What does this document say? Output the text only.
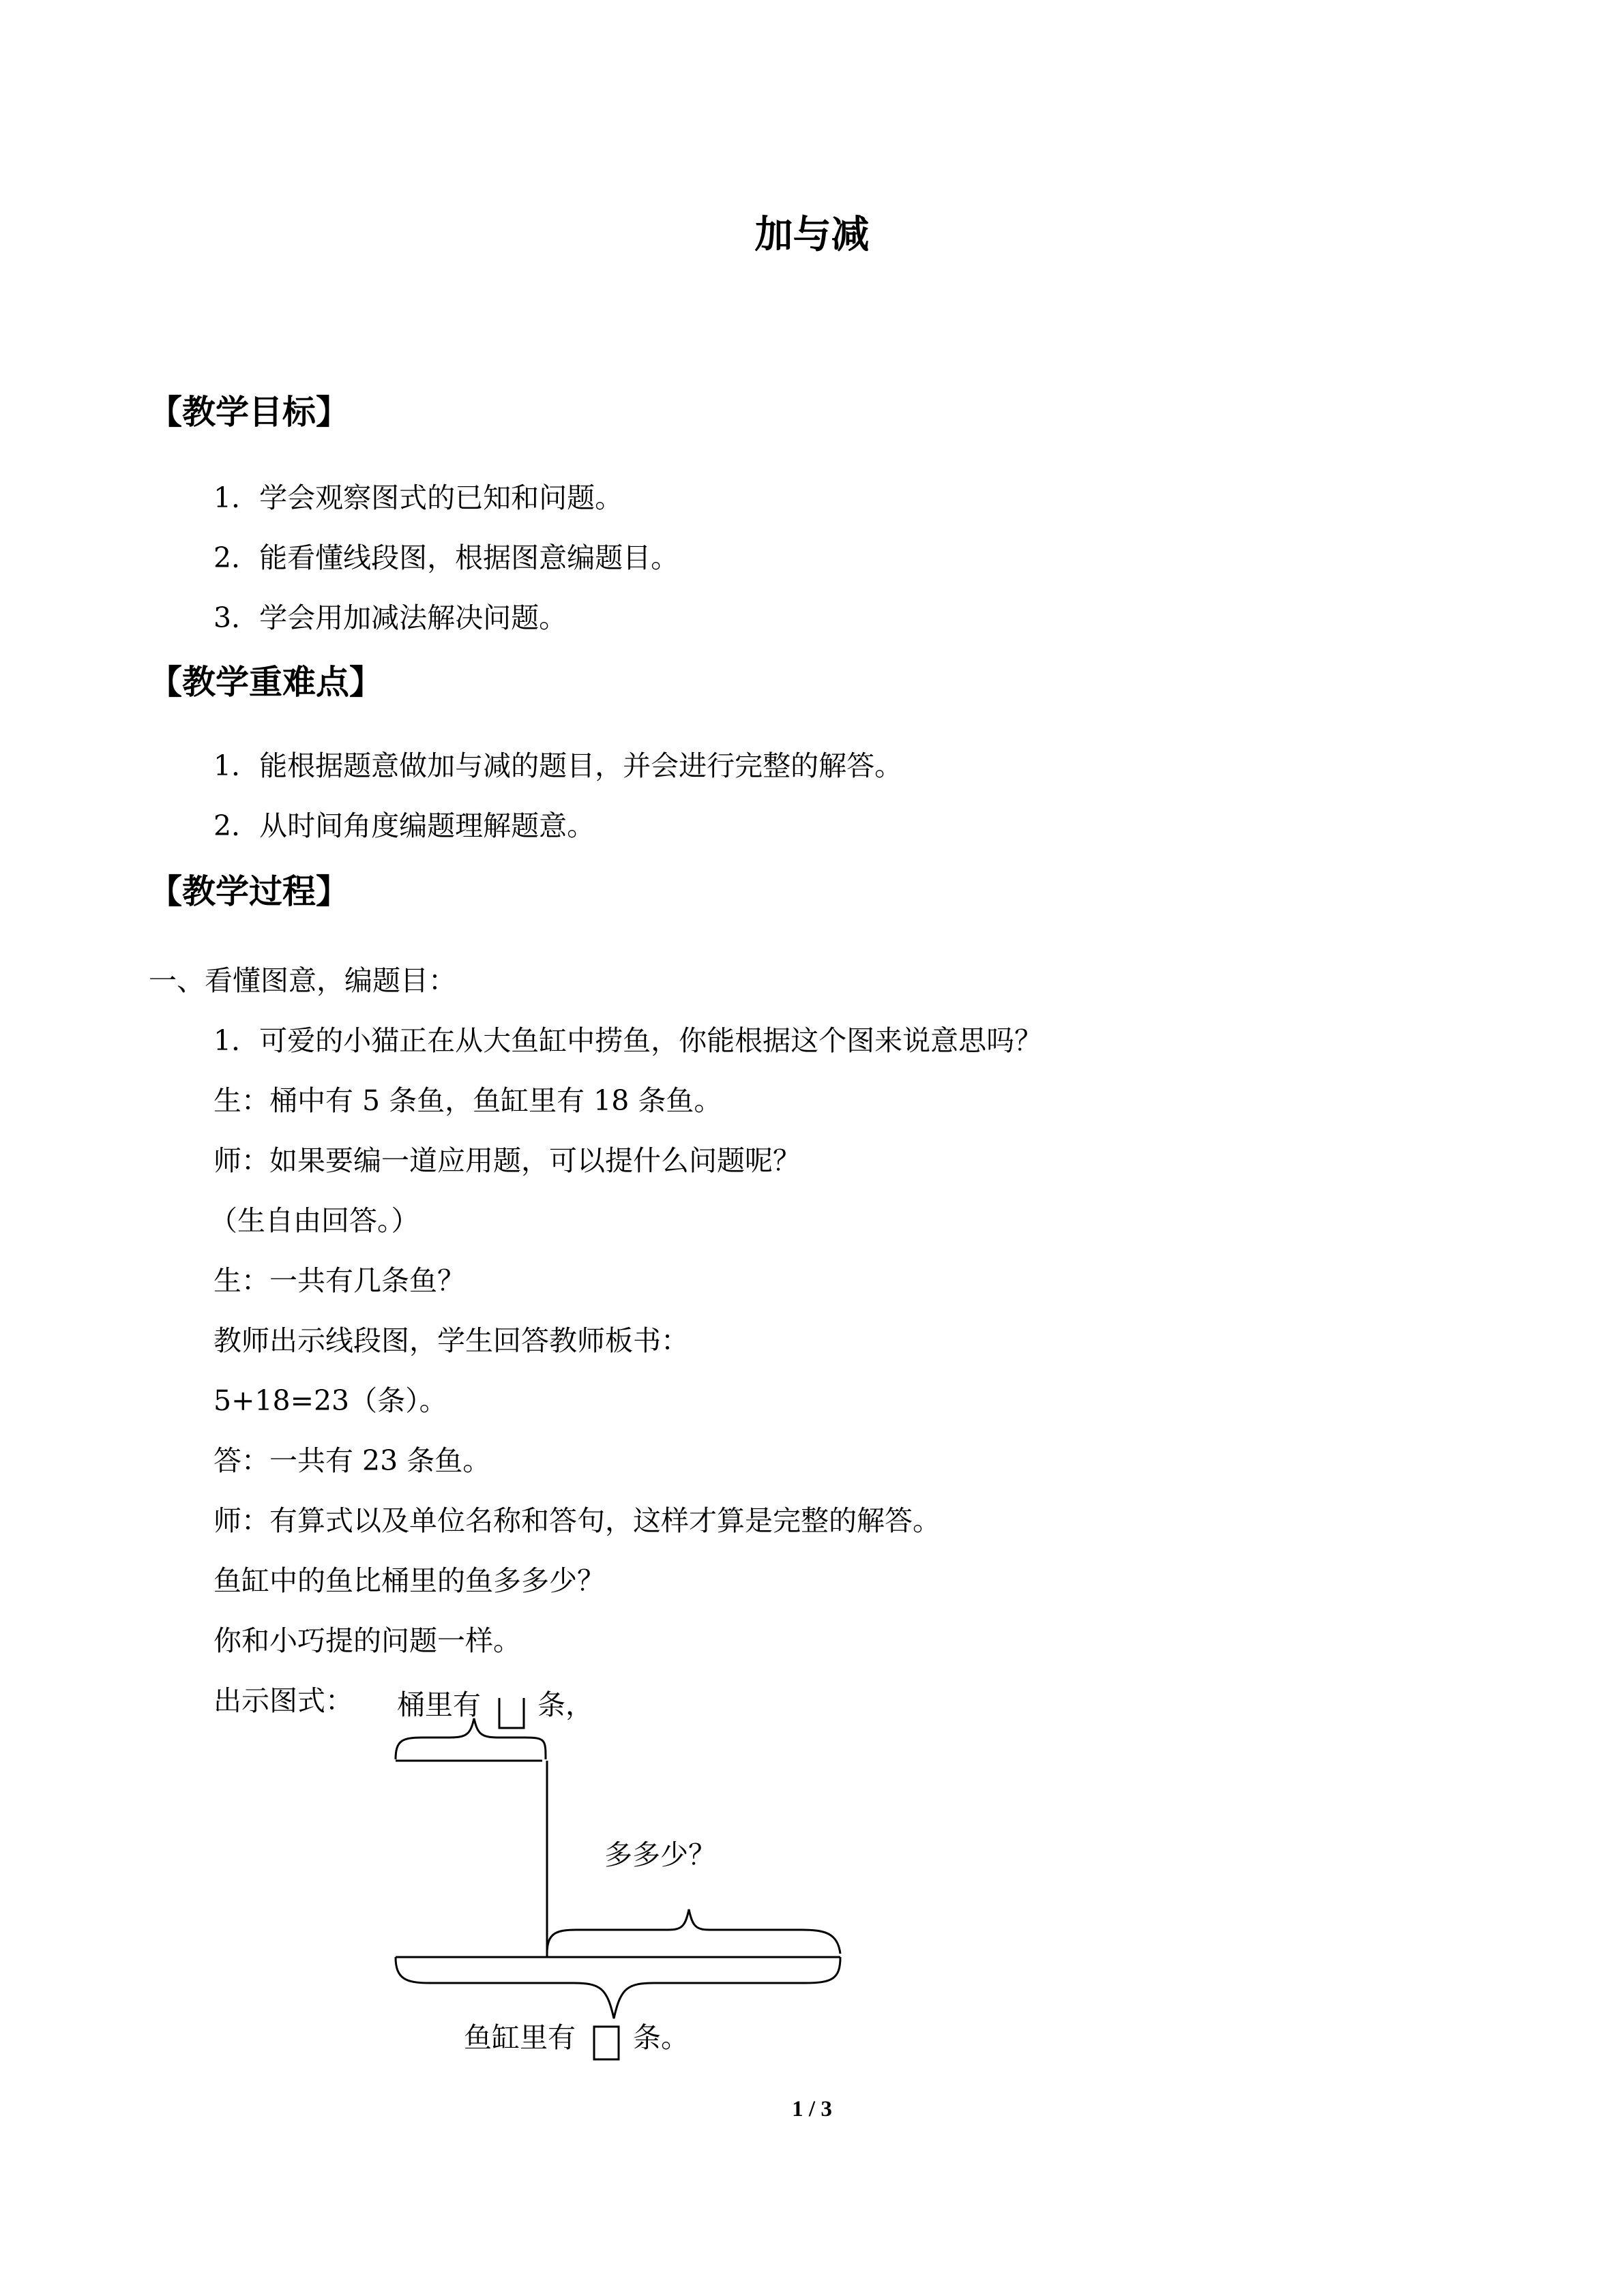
加与减
【教学目标】
1．学会观察图式的已知和问题。
2．能看懂线段图，根据图意编题目。
3．学会用加减法解决问题。
【教学重难点】
1．能根据题意做加与减的题目，并会进行完整的解答。
2．从时间角度编题理解题意。
【教学过程】
一、看懂图意，编题目：
1．可爱的小猫正在从大鱼缸中捞鱼，你能根据这个图来说意思吗？
生：桶中有 5 条鱼，鱼缸里有 18 条鱼。
师：如果要编一道应用题，可以提什么问题呢？
（生自由回答。）
生：一共有几条鱼？
教师出示线段图，学生回答教师板书：
5+18=23（条）。
答：一共有 23 条鱼。
师：有算式以及单位名称和答句，这样才算是完整的解答。
鱼缸中的鱼比桶里的鱼多多少？
你和小巧提的问题一样。
出示图式： 桶里有 条，
多多少？
鱼缸里有 条。
1 / 3
